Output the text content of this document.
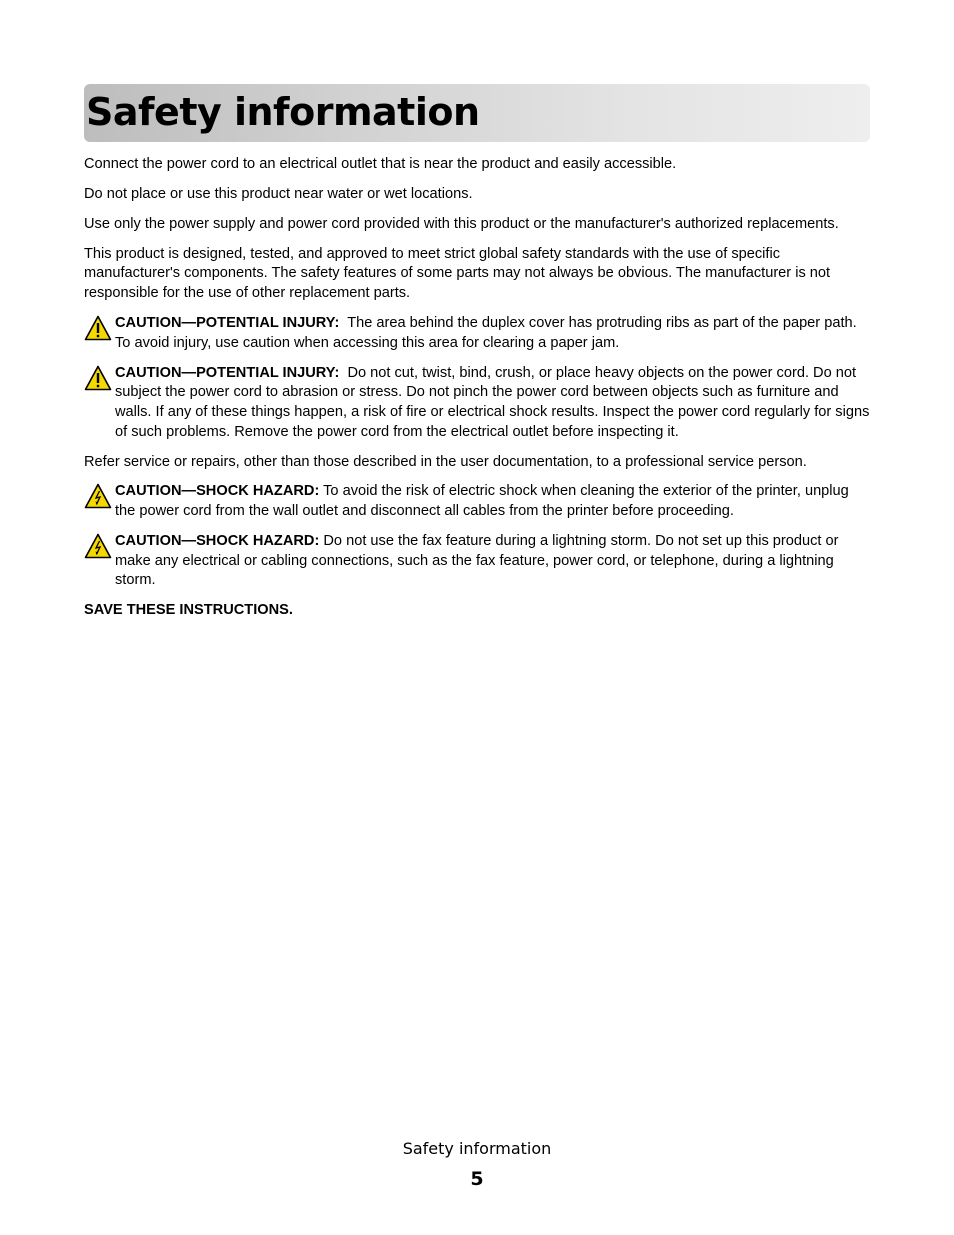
Safety information

Connect the power cord to an electrical outlet that is near the product and easily accessible.

Do not place or use this product near water or wet locations.

Use only the power supply and power cord provided with this product or the manufacturer's authorized replacements.

This product is designed, tested, and approved to meet strict global safety standards with the use of specific manufacturer's components. The safety features of some parts may not always be obvious. The manufacturer is not responsible for the use of other replacement parts.

CAUTION—POTENTIAL INJURY: The area behind the duplex cover has protruding ribs as part of the paper path. To avoid injury, use caution when accessing this area for clearing a paper jam.
CAUTION—POTENTIAL INJURY: Do not cut, twist, bind, crush, or place heavy objects on the power cord. Do not subject the power cord to abrasion or stress. Do not pinch the power cord between objects such as furniture and walls. If any of these things happen, a risk of fire or electrical shock results. Inspect the power cord regularly for signs of such problems. Remove the power cord from the electrical outlet before inspecting it.

Refer service or repairs, other than those described in the user documentation, to a professional service person.

CAUTION—SHOCK HAZARD: To avoid the risk of electric shock when cleaning the exterior of the printer, unplug the power cord from the wall outlet and disconnect all cables from the printer before proceeding.
CAUTION—SHOCK HAZARD: Do not use the fax feature during a lightning storm. Do not set up this product or make any electrical or cabling connections, such as the fax feature, power cord, or telephone, during a lightning storm.

SAVE THESE INSTRUCTIONS.

Safety information
5
